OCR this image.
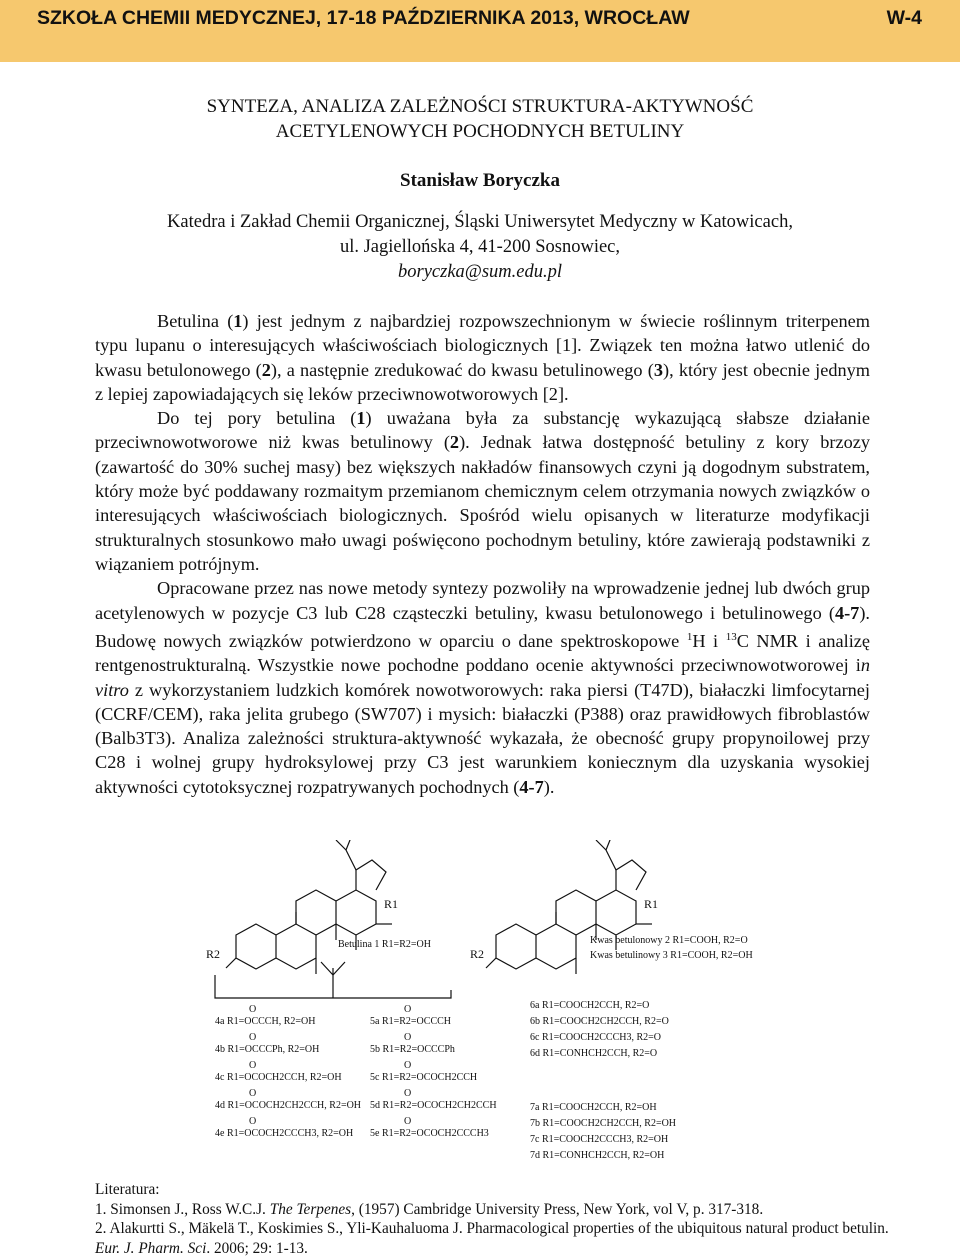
SZKOŁA CHEMII MEDYCZNEJ, 17-18 PAŹDZIERNIKA 2013, WROCŁAW	W-4
SYNTEZA, ANALIZA ZALEŻNOŚCI STRUKTURA-AKTYWNOŚĆ
ACETYLENOWYCH POCHODNYCH BETULINY
Stanisław Boryczka
Katedra i Zakład Chemii Organicznej, Śląski Uniwersytet Medyczny w Katowicach,
ul. Jagiellońska 4, 41-200 Sosnowiec,
boryczka@sum.edu.pl

Betulina (1) jest jednym z najbardziej rozpowszechnionym w świecie roślinnym triterpenem typu lupanu o interesujących właściwościach biologicznych [1]. Związek ten można łatwo utlenić do kwasu betulonowego (2), a następnie zredukować do kwasu betulinowego (3), który jest obecnie jednym z lepiej zapowiadających się leków przeciwnowotworowych [2].

Do tej pory betulina (1) uważana była za substancję wykazującą słabsze działanie przeciwnowotworowe niż kwas betulinowy (2). Jednak łatwa dostępność betuliny z kory brzozy (zawartość do 30% suchej masy) bez większych nakładów finansowych czyni ją dogodnym substratem, który może być poddawany rozmaitym przemianom chemicznym celem otrzymania nowych związków o interesujących właściwościach biologicznych. Spośród wielu opisanych w literaturze modyfikacji strukturalnych stosunkowo mało uwagi poświęcono pochodnym betuliny, które zawierają podstawniki z wiązaniem potrójnym.

Opracowane przez nas nowe metody syntezy pozwoliły na wprowadzenie jednej lub dwóch grup acetylenowych w pozycje C3 lub C28 cząsteczki betuliny, kwasu betulonowego i betulinowego (4-7). Budowę nowych związków potwierdzono w oparciu o dane spektroskopowe $^1$H i $^{13}$C NMR i analizę rentgenostrukturalną. Wszystkie nowe pochodne poddano ocenie aktywności przeciwnowotworowej in vitro z wykorzystaniem ludzkich komórek nowotworowych: raka piersi (T47D), białaczki limfocytarnej (CCRF/CEM), raka jelita grubego (SW707) i mysich: białaczki (P388) oraz prawidłowych fibroblastów (Balb3T3). Analiza zależności struktura-aktywność wykazała, że obecność grupy propynoilowej przy C28 i wolnej grupy hydroksylowej przy C3 jest warunkiem koniecznym dla uzyskania wysokiej aktywności cytotoksycznej rozpatrywanych pochodnych (4-7).

R1
R2
Betulina 1 R1=R2=OH
R1
R2
Kwas betulonowy 2 R1=COOH, R2=O
Kwas betulinowy 3 R1=COOH, R2=OH
O
4a R1=OCCCH, R2=OH
O
4b R1=OCCCPh, R2=OH
O
4c R1=OCOCH2CCH, R2=OH
O
4d R1=OCOCH2CH2CCH, R2=OH
O
4e R1=OCOCH2CCCH3, R2=OH
O
5a R1=R2=OCCCH
O
5b R1=R2=OCCCPh
O
5c R1=R2=OCOCH2CCH
O
5d R1=R2=OCOCH2CH2CCH
O
5e R1=R2=OCOCH2CCCH3
6a R1=COOCH2CCH, R2=O
6b R1=COOCH2CH2CCH, R2=O
6c R1=COOCH2CCCH3, R2=O
6d R1=CONHCH2CCH, R2=O
7a R1=COOCH2CCH, R2=OH
7b R1=COOCH2CH2CCH, R2=OH
7c R1=COOCH2CCCH3, R2=OH
7d R1=CONHCH2CCH, R2=OH

Literatura:

1. Simonsen J., Ross W.C.J. The Terpenes, (1957) Cambridge University Press, New York, vol V, p. 317-318.

2. Alakurtti S., Mäkelä T., Koskimies S., Yli-Kauhaluoma J. Pharmacological properties of the ubiquitous natural product betulin. Eur. J. Pharm. Sci. 2006; 29: 1-13.
